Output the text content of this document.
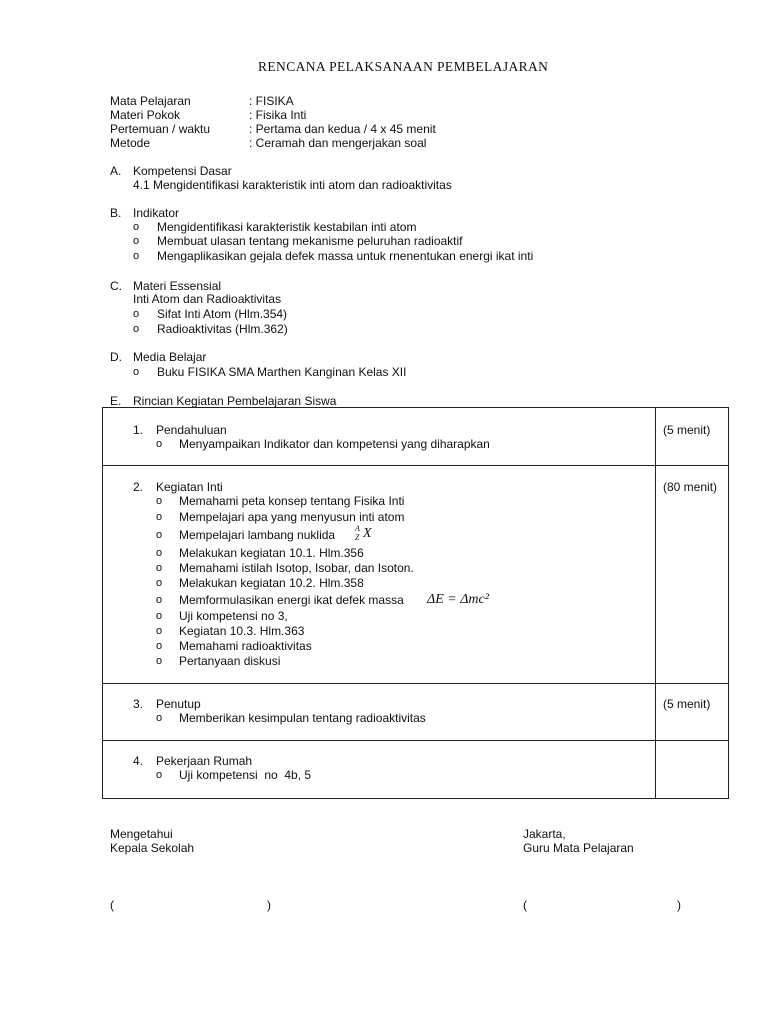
RENCANA PELAKSANAAN PEMBELAJARAN
Mata Pelajaran	: FISIKA
Materi Pokok	: Fisika Inti
Pertemuan / waktu	: Pertama dan kedua / 4 x 45 menit
Metode	: Ceramah dan mengerjakan soal
A. Kompetensi Dasar
4.1 Mengidentifikasi karakteristik inti atom dan radioaktivitas
B. Indikator
o Mengidentifikasi karakteristik kestabilan inti atom
o Membuat ulasan tentang mekanisme peluruhan radioaktif
o Mengaplikasikan gejala defek massa untuk rnenentukan energi ikat inti
C. Materi Essensial
Inti Atom dan Radioaktivitas
o Sifat Inti Atom (Hlm.354)
o Radioaktivitas (Hlm.362)
D. Media Belajar
o Buku FISIKA SMA Marthen Kanginan Kelas XII
E. Rincian Kegiatan Pembelajaran Siswa
1. Pendahuluan	(5 menit)
o Menyampaikan Indikator dan kompetensi yang diharapkan
2. Kegiatan Inti	(80 menit)
o Memahami peta konsep tentang Fisika Inti
o Mempelajari apa yang menyusun inti atom
o Mempelajari lambang nuklida A
Z X
o Melakukan kegiatan 10.1. Hlm.356
o Memahami istilah Isotop, Isobar, dan Isoton.
o Melakukan kegiatan 10.2. Hlm.358
o Memformulasikan energi ikat defek massa ΔE = Δmc²
o Uji kompetensi no 3,
o Kegiatan 10.3. Hlm.363
o Memahami radioaktivitas
o Pertanyaan diskusi
3. Penutup	(5 menit)
o Memberikan kesimpulan tentang radioaktivitas
4. Pekerjaan Rumah
o Uji kompetensi  no  4b, 5
Mengetahui
Kepala Sekolah
Jakarta,
Guru Mata Pelajaran
(	)	(	)
